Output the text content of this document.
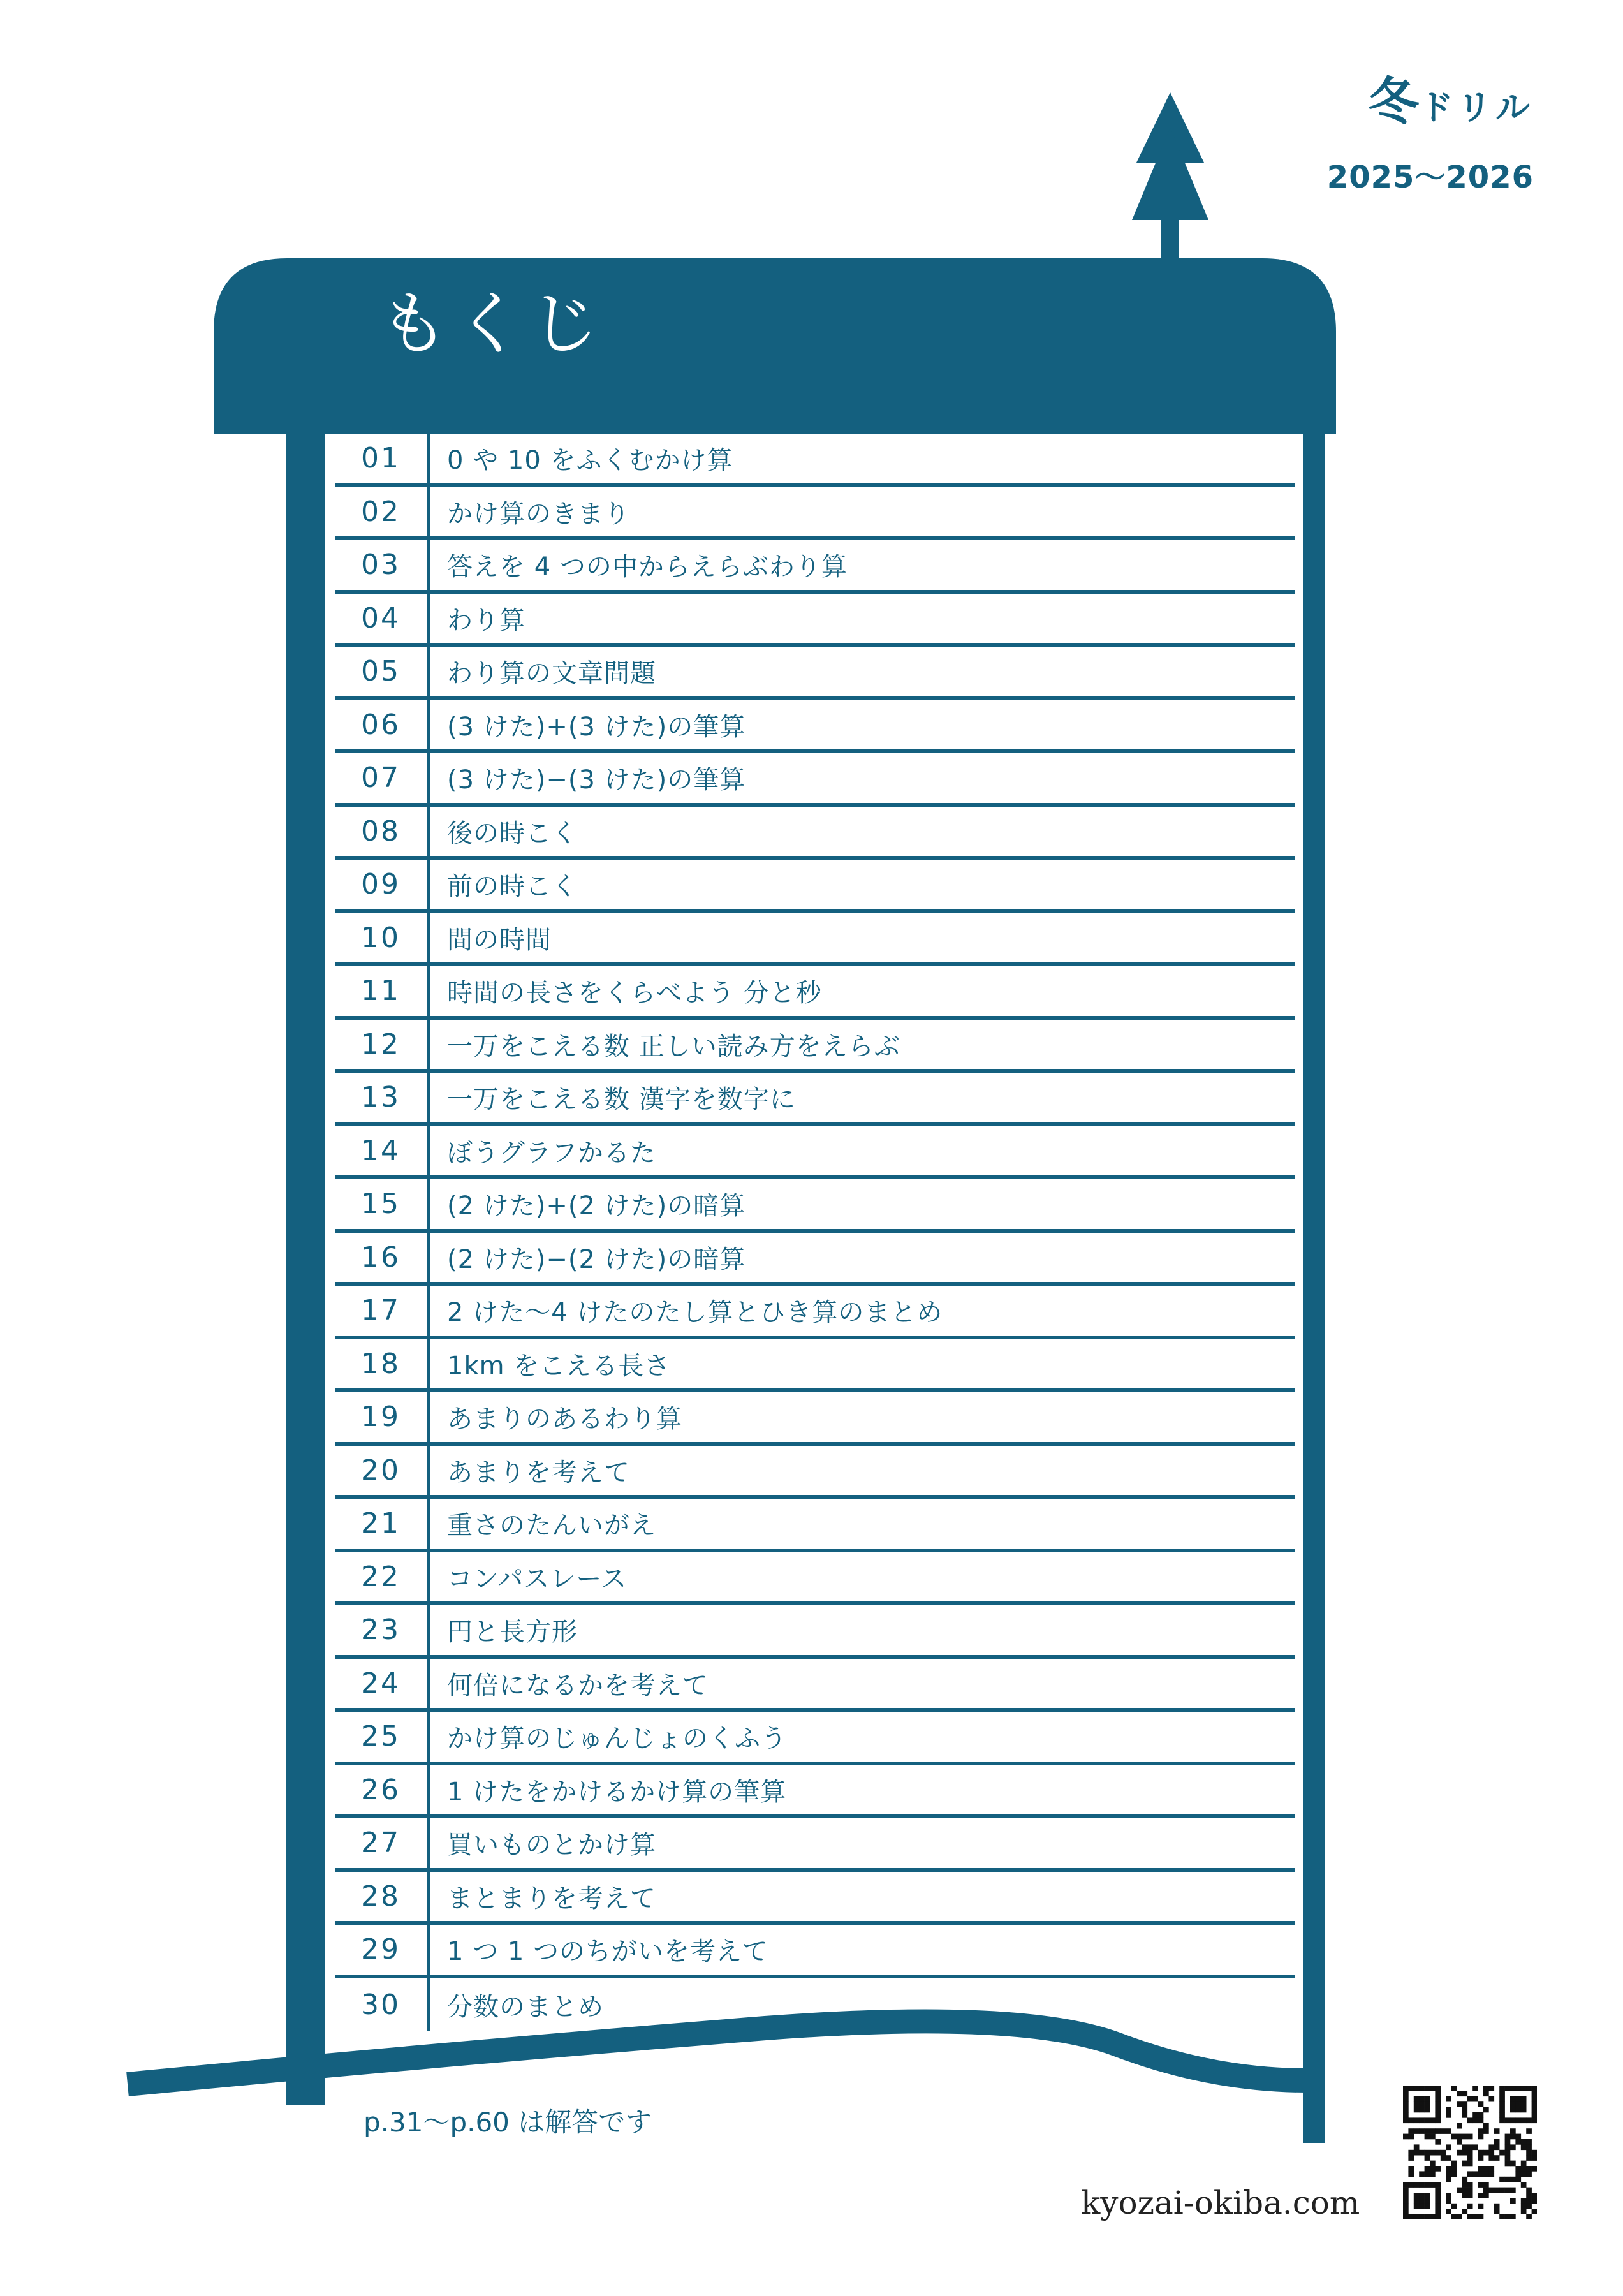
冬ドリル
2025〜2026
もくじ
01	0 や 10 をふくむかけ算
02	かけ算のきまり
03	答えを 4 つの中からえらぶわり算
04	わり算
05	わり算の文章問題
06	(3 けた)+(3 けた)の筆算
07	(3 けた)−(3 けた)の筆算
08	後の時こく
09	前の時こく
10	間の時間
11	時間の長さをくらべよう 分と秒
12	一万をこえる数 正しい読み方をえらぶ
13	一万をこえる数 漢字を数字に
14	ぼうグラフかるた
15	(2 けた)+(2 けた)の暗算
16	(2 けた)−(2 けた)の暗算
17	2 けた〜4 けたのたし算とひき算のまとめ
18	1km をこえる長さ
19	あまりのあるわり算
20	あまりを考えて
21	重さのたんいがえ
22	コンパスレース
23	円と長方形
24	何倍になるかを考えて
25	かけ算のじゅんじょのくふう
26	1 けたをかけるかけ算の筆算
27	買いものとかけ算
28	まとまりを考えて
29	1 つ 1 つのちがいを考えて
30	分数のまとめ
p.31〜p.60 は解答です
kyozai-okiba.com
